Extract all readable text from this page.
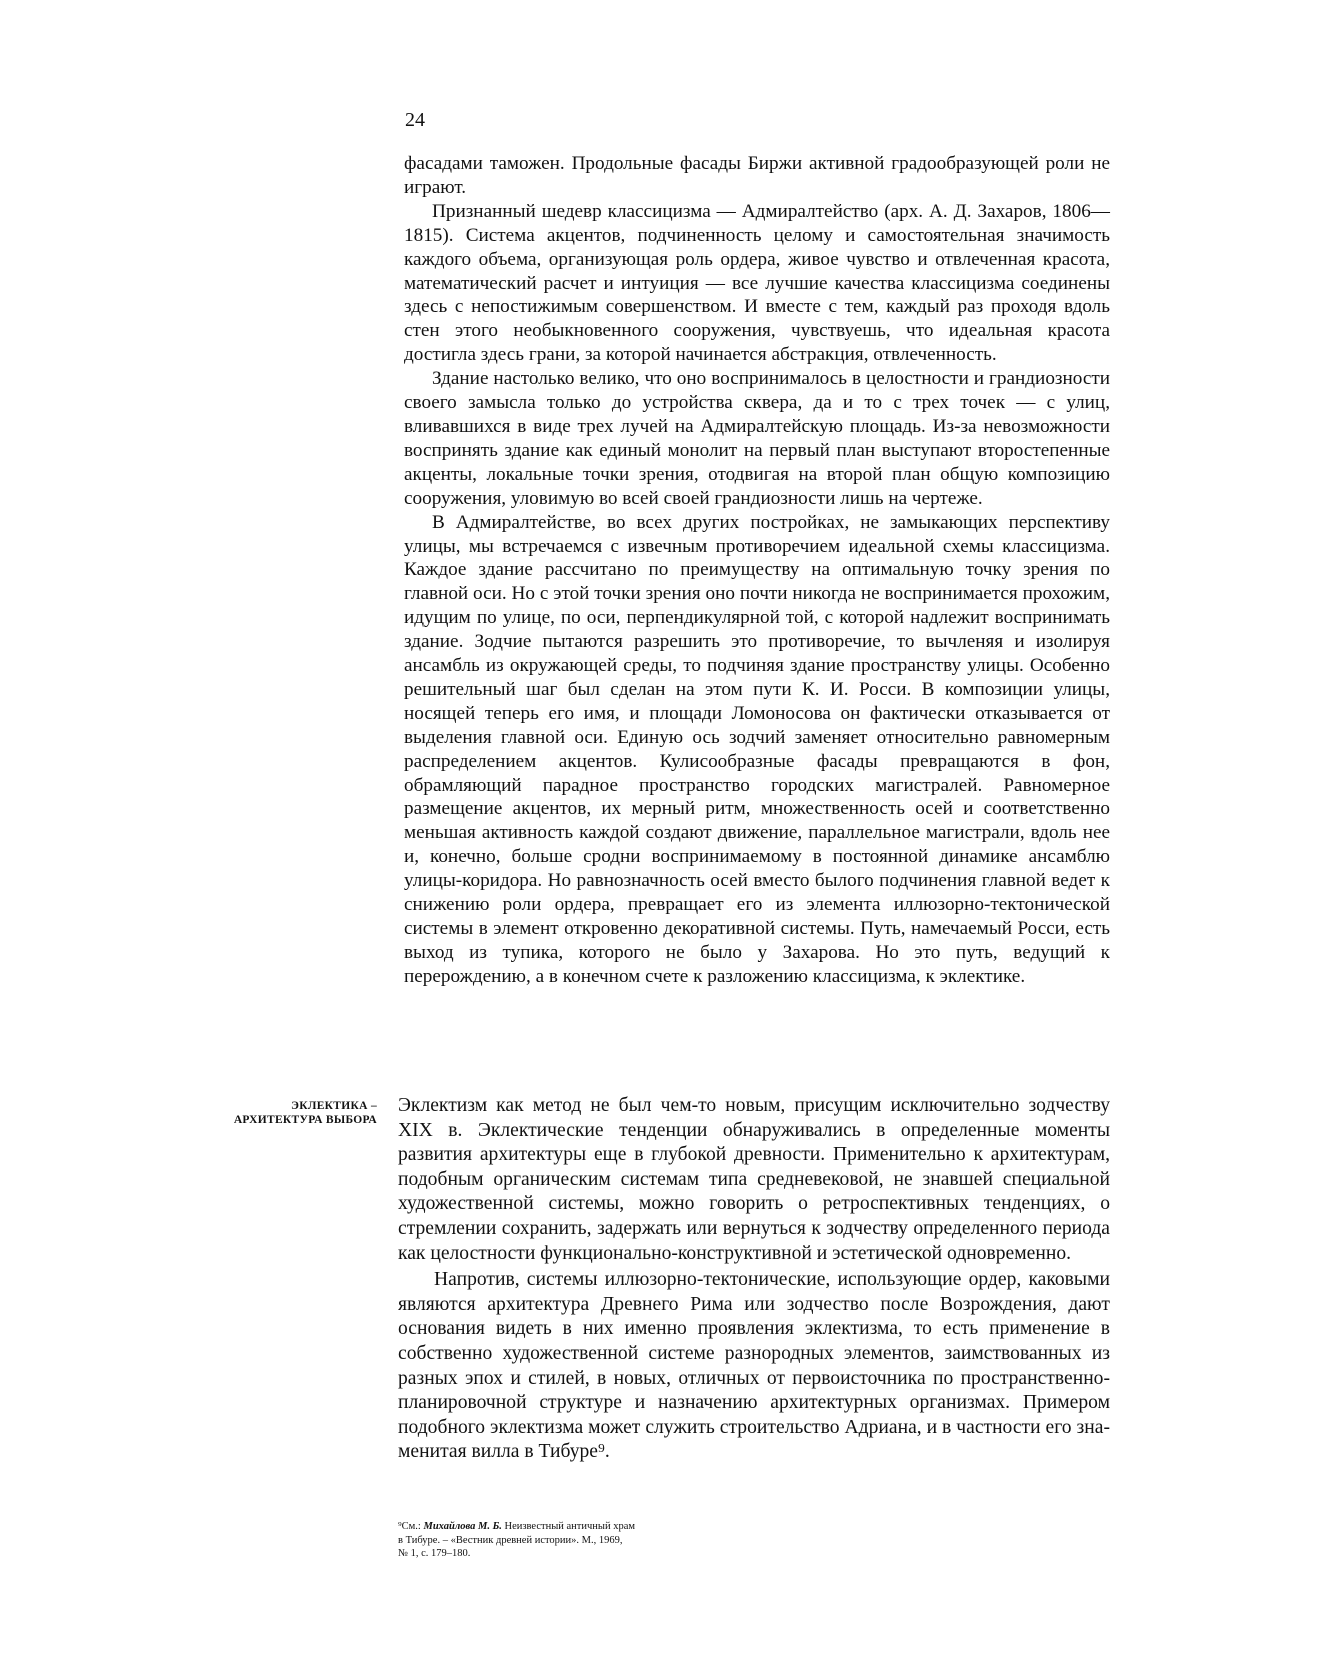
24

фасадами таможен. Продольные фасады Биржи активной градообразующей роли не играют.

Признанный шедевр классицизма — Адмиралтейство (арх. А. Д. Захаров, 1806—1815). Система акцентов, подчиненность целому и самостоятельная значимость каждого объема, организующая роль ордера, живое чувство и отвлеченная красота, математический расчет и интуиция — все лучшие качества классицизма соединены здесь с непостижимым совершенством. И вместе с тем, каждый раз проходя вдоль стен этого необыкновенного сооружения, чувствуешь, что идеальная красота достигла здесь грани, за которой начинается абстракция, отвлеченность.

Здание настолько велико, что оно воспринималось в целостности и грандиозности своего замысла только до устройства сквера, да и то с трех точек — с улиц, вливавшихся в виде трех лучей на Адмиралтейскую площадь. Из-за невозможности воспринять здание как единый монолит на первый план выступают второстепенные акценты, локальные точки зрения, отодвигая на второй план общую композицию сооружения, уловимую во всей своей грандиозности лишь на чертеже.

В Адмиралтействе, во всех других постройках, не замыкающих перспективу улицы, мы встречаемся с извечным противоречием идеальной схемы классицизма. Каждое здание рассчитано по преимуществу на оптимальную точку зрения по главной оси. Но с этой точки зрения оно почти никогда не воспринимается прохожим, идущим по улице, по оси, перпендикулярной той, с которой надлежит воспринимать здание. Зодчие пытаются разрешить это противоречие, то вычленяя и изолируя ансамбль из окружающей среды, то подчиняя здание пространству улицы. Особенно решительный шаг был сделан на этом пути К. И. Росси. В композиции улицы, носящей теперь его имя, и площади Ломоносова он фактически отказывается от выделения главной оси. Единую ось зодчий заменяет относительно равномерным распределением акцентов. Кулисообразные фасады превращаются в фон, обрамляющий парадное пространство городских магистралей. Равномерное размещение акцентов, их мерный ритм, множественность осей и соответственно меньшая активность каждой создают движение, параллельное магистрали, вдоль нее и, конечно, больше сродни воспринимаемому в постоянной динамике ансамблю улицы-коридора. Но равнозначность осей вместо былого подчинения главной ведет к снижению роли ордера, превращает его из элемента иллюзорно-тектонической системы в элемент откровенно декоративной системы. Путь, намечаемый Росси, есть выход из тупика, которого не было у Захарова. Но это путь, ведущий к перерождению, а в конечном счете к разложению классицизма, к эклектике.

ЭКЛЕКТИКА –
АРХИТЕКТУРА ВЫБОРА

Эклектизм как метод не был чем-то новым, присущим исключительно зодчеству XIX в. Эклектические тенденции обнаруживались в определенные моменты развития архитектуры еще в глубокой древности. Применительно к архитектурам, подобным органическим системам типа средневековой, не знавшей специальной художественной системы, можно говорить о ретроспективных тенденциях, о стремлении сохранить, задержать или вернуться к зодчеству определенного периода как целостности функционально-конструктивной и эстетической одновременно.

Напротив, системы иллюзорно-тектонические, использующие ордер, каковыми являются архитектура Древнего Рима или зодчество после Возрождения, дают основания видеть в них именно проявления эклектизма, то есть применение в собственно художественной системе разнородных элементов, заимствованных из разных эпох и стилей, в новых, отличных от первоисточника по пространственно-планировочной структуре и назначению архитектурных организмах. Примером подобного эклектизма может служить строительство Адриана, и в частности его знаменитая вилла в Тибуре⁹.

⁹См.: Михайлова М. Б. Неизвестный античный храм
в Тибуре. – «Вестник древней истории». М., 1969,
№ 1, с. 179–180.
